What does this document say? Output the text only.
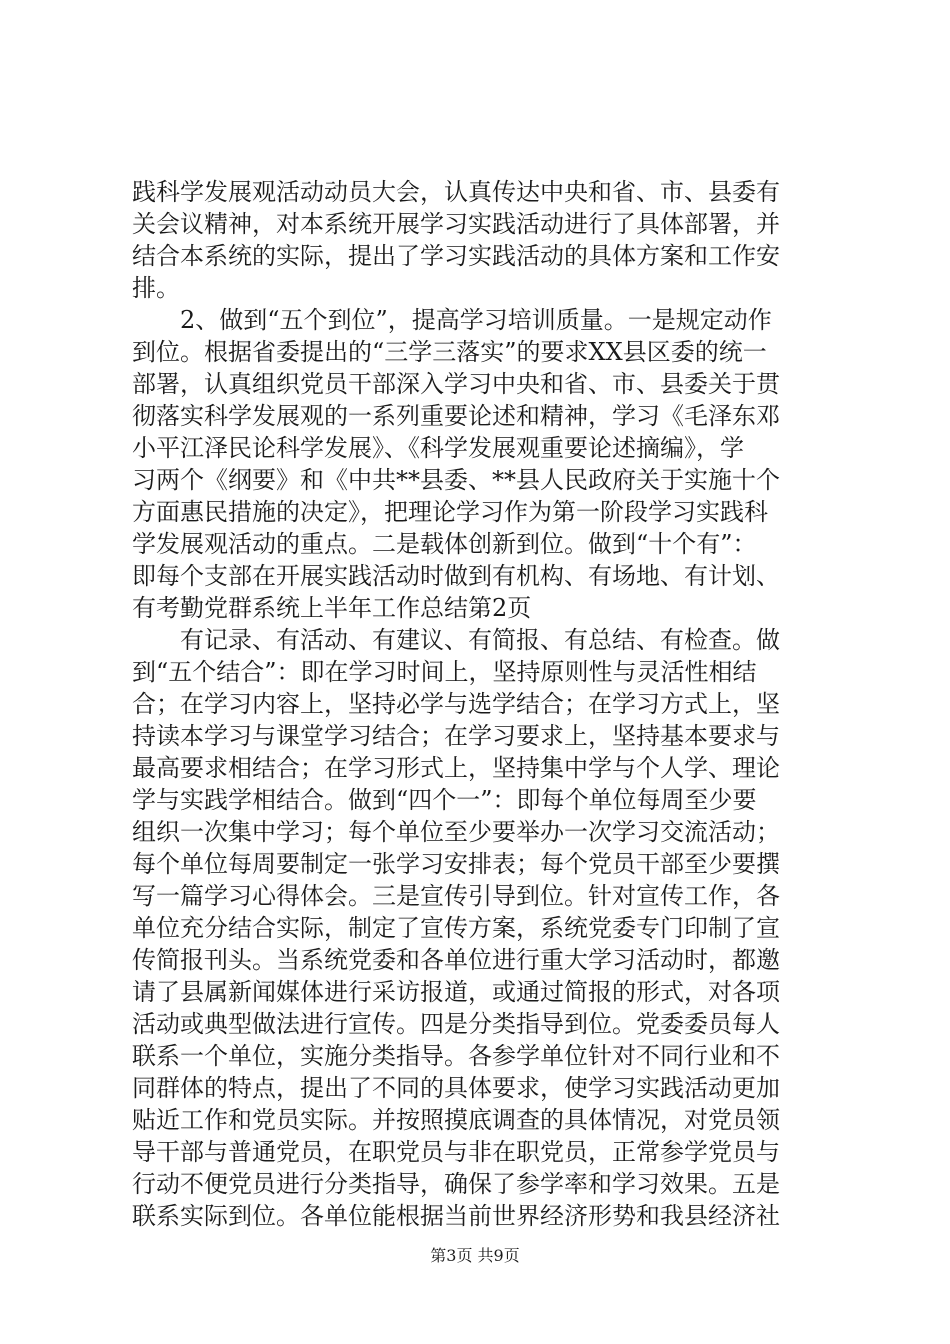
践科学发展观活动动员大会，认真传达中央和省、市、县委有
关会议精神，对本系统开展学习实践活动进行了具体部署，并
结合本系统的实际，提出了学习实践活动的具体方案和工作安
排。
2、做到“五个到位”，提高学习培训质量。一是规定动作
到位。根据省委提出的“三学三落实”的要求XX县区委的统一
部署，认真组织党员干部深入学习中央和省、市、县委关于贯
彻落实科学发展观的一系列重要论述和精神，学习《毛泽东邓
小平江泽民论科学发展》、《科学发展观重要论述摘编》，学
习两个《纲要》和《中共**县委、**县人民政府关于实施十个
方面惠民措施的决定》，把理论学习作为第一阶段学习实践科
学发展观活动的重点。二是载体创新到位。做到“十个有”：
即每个支部在开展实践活动时做到有机构、有场地、有计划、
有考勤党群系统上半年工作总结第2页
有记录、有活动、有建议、有简报、有总结、有检查。做
到“五个结合”：即在学习时间上，坚持原则性与灵活性相结
合；在学习内容上，坚持必学与选学结合；在学习方式上，坚
持读本学习与课堂学习结合；在学习要求上，坚持基本要求与
最高要求相结合；在学习形式上，坚持集中学与个人学、理论
学与实践学相结合。做到“四个一”：即每个单位每周至少要
组织一次集中学习；每个单位至少要举办一次学习交流活动；
每个单位每周要制定一张学习安排表；每个党员干部至少要撰
写一篇学习心得体会。三是宣传引导到位。针对宣传工作，各
单位充分结合实际，制定了宣传方案，系统党委专门印制了宣
传简报刊头。当系统党委和各单位进行重大学习活动时，都邀
请了县属新闻媒体进行采访报道，或通过简报的形式，对各项
活动或典型做法进行宣传。四是分类指导到位。党委委员每人
联系一个单位，实施分类指导。各参学单位针对不同行业和不
同群体的特点，提出了不同的具体要求，使学习实践活动更加
贴近工作和党员实际。并按照摸底调查的具体情况，对党员领
导干部与普通党员，在职党员与非在职党员，正常参学党员与
行动不便党员进行分类指导，确保了参学率和学习效果。五是
联系实际到位。各单位能根据当前世界经济形势和我县经济社
第3页 共9页
